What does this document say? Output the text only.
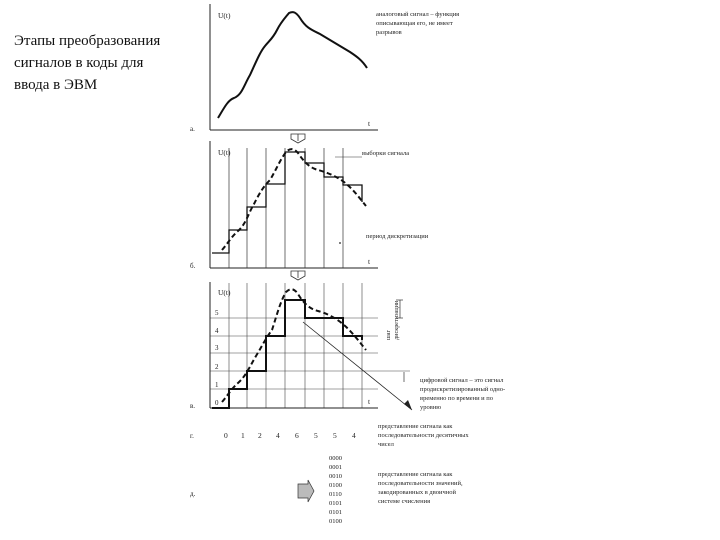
Этапы преобразования
сигналов в коды для
ввода в ЭВМ
U(t)
t
а.
аналоговый сигнал – функция
описывающая его, не имеет
разрывов
U(t)
t
б.
выборки сигнала
период дискретизации
U(t)
t
в.	0
1
2
3
4
5
шаг дискретизации
цифровой сигнал – это сигнал
продискретизированный одно-
временно по времени и по
уровню
г.	0 1 2 4 6 5 5 4
представление сигнала как
последовательности десятичных
чисел
д.
0000
0001
0010
0100
0110
0101
0101
0100
представление сигнала как
последовательности значений,
закодированных в двоичной
системе счисления
